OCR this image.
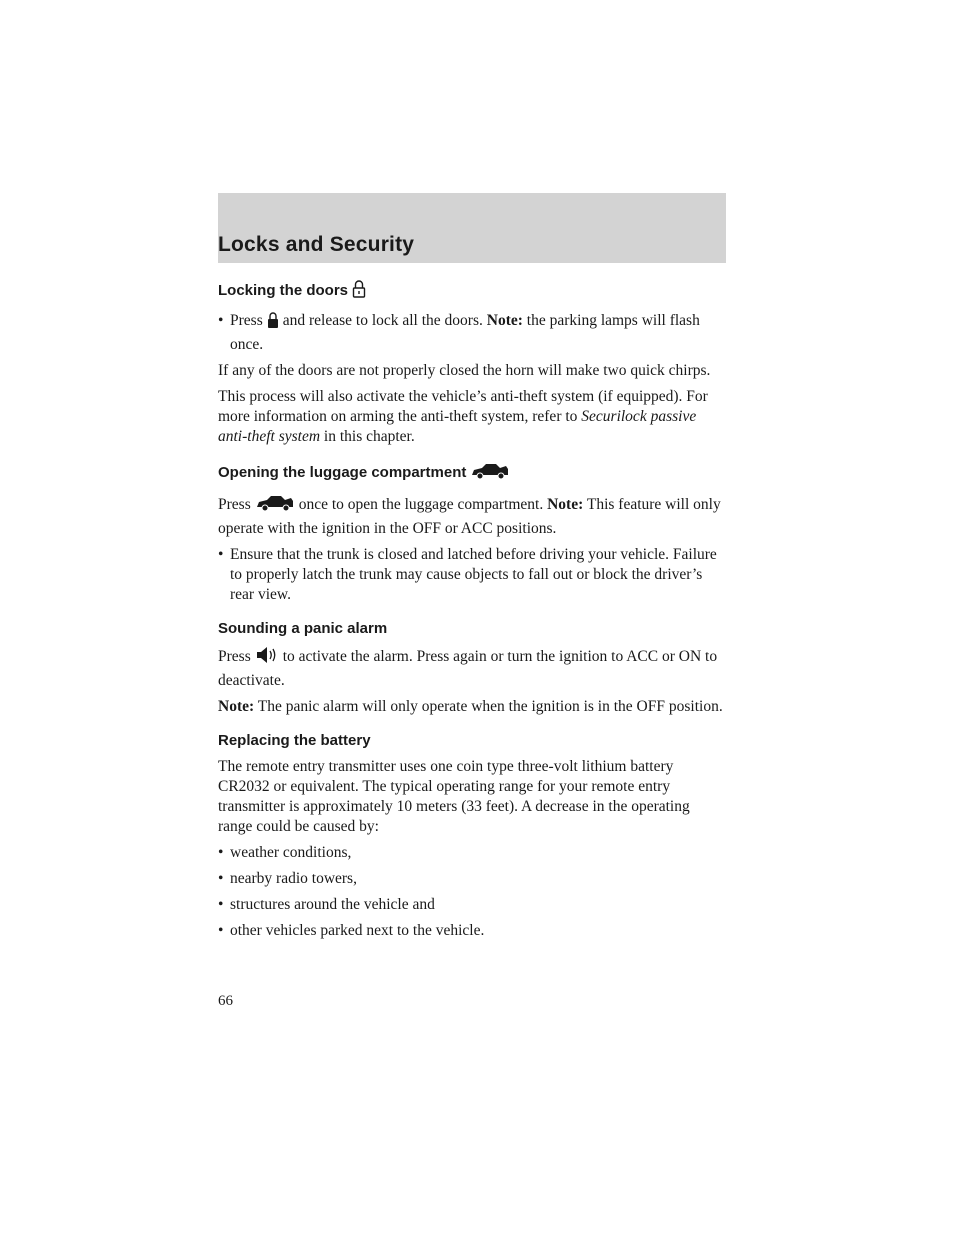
Locks and Security
Locking the doors
• Press and release to lock all the doors. Note: the parking lamps will flash once.

If any of the doors are not properly closed the horn will make two quick chirps.

This process will also activate the vehicle’s anti-theft system (if equipped). For more information on arming the anti-theft system, refer to Securilock passive anti-theft system in this chapter.

Opening the luggage compartment

Press	once to open the luggage compartment. Note: This feature will only operate with the ignition in the OFF or ACC positions.

• Ensure that the trunk is closed and latched before driving your vehicle. Failure to properly latch the trunk may cause objects to fall out or block the driver’s rear view.
Sounding a panic alarm

Press to activate the alarm. Press again or turn the ignition to ACC or ON to deactivate.

Note: The panic alarm will only operate when the ignition is in the OFF position.

Replacing the battery

The remote entry transmitter uses one coin type three-volt lithium battery CR2032 or equivalent. The typical operating range for your remote entry transmitter is approximately 10 meters (33 feet). A decrease in the operating range could be caused by:

• weather conditions,
• nearby radio towers,
• structures around the vehicle and
• other vehicles parked next to the vehicle.
66
